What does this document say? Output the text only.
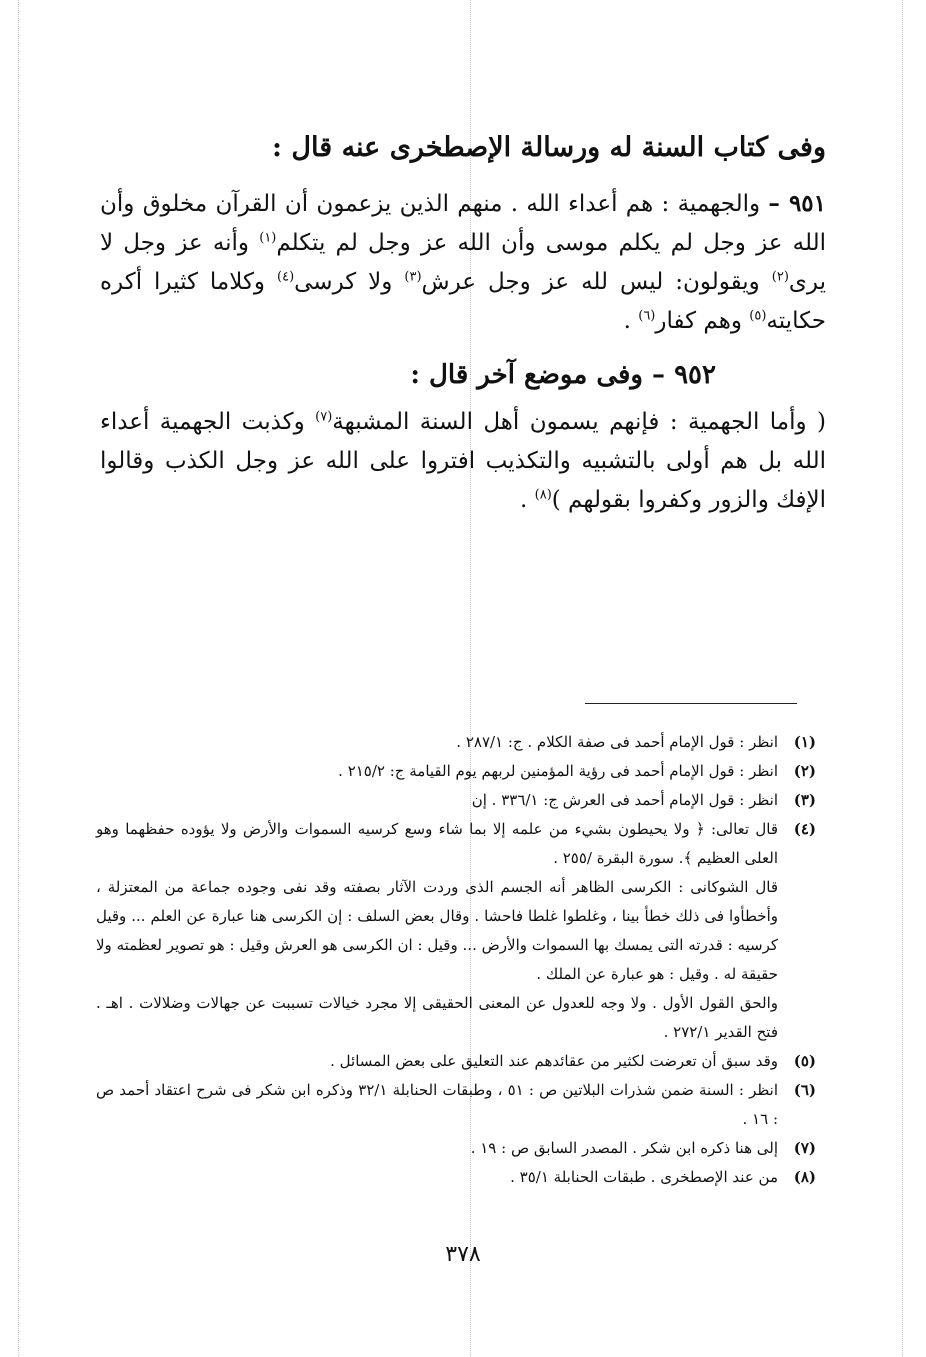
وفى كتاب السنة له ورسالة الإصطخرى عنه قال :

٩٥١ – والجهمية : هم أعداء الله . منهم الذين يزعمون أن القرآن مخلوق وأن الله عز وجل لم يكلم موسى وأن الله عز وجل لم يتكلم$^{(١)}$ وأنه عز وجل لا يرى$^{(٢)}$ ويقولون: ليس لله عز وجل عرش$^{(٣)}$ ولا كرسى$^{(٤)}$ وكلاما كثيرا أكره حكايته$^{(٥)}$ وهم كفار$^{(٦)}$ .

٩٥٢ – وفى موضع آخر قال :

( وأما الجهمية : فإنهم يسمون أهل السنة المشبهة$^{(٧)}$ وكذبت الجهمية أعداء الله بل هم أولى بالتشبيه والتكذيب افتروا على الله عز وجل الكذب وقالوا الإفك والزور وكفروا بقولهم )$^{(٨)}$ .

(١)
انظر : قول الإمام أحمد فى صفة الكلام . ج: ٢٨٧/١ .
(٢)
انظر : قول الإمام أحمد فى رؤية المؤمنين لربهم يوم القيامة ج: ٢١٥/٢ .
(٣)
انظر : قول الإمام أحمد فى العرش ج: ٣٣٦/١ . إن
(٤)
قال تعالى: ﴿ ولا يحيطون بشيء من علمه إلا بما شاء وسع كرسيه السموات والأرض ولا يؤوده حفظهما وهو العلى العظيم ﴾. سورة البقرة /٢٥٥ .
قال الشوكانى : الكرسى الظاهر أنه الجسم الذى وردت الآثار بصفته وقد نفى وجوده جماعة من المعتزلة ، وأخطأوا فى ذلك خطأ بينا ، وغلطوا غلطا فاحشا . وقال بعض السلف : إن الكرسى هنا عبارة عن العلم ... وقيل كرسيه : قدرته التى يمسك بها السموات والأرض ... وقيل : ان الكرسى هو العرش وقيل : هو تصوير لعظمته ولا حقيقة له . وقيل : هو عبارة عن الملك .
والحق القول الأول . ولا وجه للعدول عن المعنى الحقيقى إلا مجرد خيالات تسببت عن جهالات وضلالات . اهـ . فتح القدير ٢٧٢/١ .
(٥)
وقد سبق أن تعرضت لكثير من عقائدهم عند التعليق على بعض المسائل .
(٦)
انظر : السنة ضمن شذرات البلاتين ص : ٥١ ، وطبقات الحنابلة ٣٢/١ وذكره ابن شكر فى شرح اعتقاد أحمد ص : ١٦ .
(٧)
إلى هنا ذكره ابن شكر . المصدر السابق ص : ١٩ .
(٨)
من عند الإصطخرى . طبقات الحنابلة ٣٥/١ .
٣٧٨
